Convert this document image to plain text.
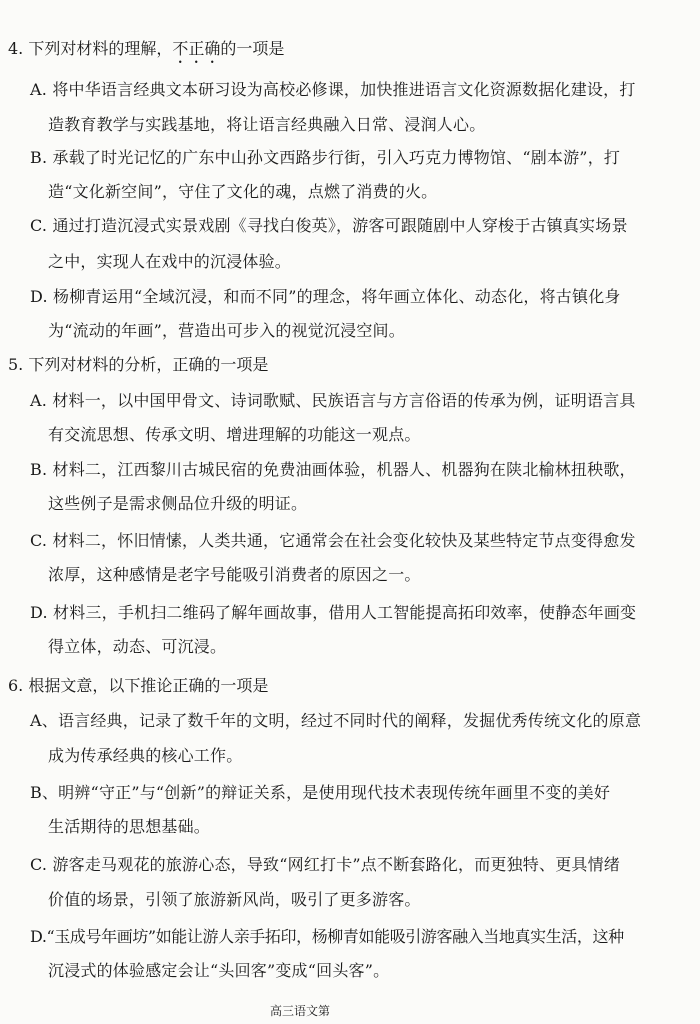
4. 下列对材料的理解，不正确的一项是

A. 将中华语言经典文本研习设为高校必修课，加快推进语言文化资源数据化建设，打

造教育教学与实践基地，将让语言经典融入日常、浸润人心。

B. 承载了时光记忆的广东中山孙文西路步行街，引入巧克力博物馆、“剧本游”，打

造“文化新空间”，守住了文化的魂，点燃了消费的火。

C. 通过打造沉浸式实景戏剧《寻找白俊英》，游客可跟随剧中人穿梭于古镇真实场景

之中，实现人在戏中的沉浸体验。

D. 杨柳青运用“全域沉浸，和而不同”的理念，将年画立体化、动态化，将古镇化身

为“流动的年画”，营造出可步入的视觉沉浸空间。

5. 下列对材料的分析，正确的一项是

A. 材料一，以中国甲骨文、诗词歌赋、民族语言与方言俗语的传承为例，证明语言具

有交流思想、传承文明、增进理解的功能这一观点。

B. 材料二，江西黎川古城民宿的免费油画体验，机器人、机器狗在陕北榆林扭秧歌，

这些例子是需求侧品位升级的明证。

C. 材料二，怀旧情愫，人类共通，它通常会在社会变化较快及某些特定节点变得愈发

浓厚，这种感情是老字号能吸引消费者的原因之一。

D. 材料三，手机扫二维码了解年画故事，借用人工智能提高拓印效率，使静态年画变

得立体，动态、可沉浸。

6. 根据文意，以下推论正确的一项是

A、语言经典，记录了数千年的文明，经过不同时代的阐释，发掘优秀传统文化的原意

成为传承经典的核心工作。

B、明辨“守正”与“创新”的辩证关系，是使用现代技术表现传统年画里不变的美好

生活期待的思想基础。

C. 游客走马观花的旅游心态，导致“网红打卡”点不断套路化，而更独特、更具情绪

价值的场景，引领了旅游新风尚，吸引了更多游客。

D.“玉成号年画坊”如能让游人亲手拓印，杨柳青如能吸引游客融入当地真实生活，这种

沉浸式的体验感定会让“头回客”变成“回头客”。

高三语文第
